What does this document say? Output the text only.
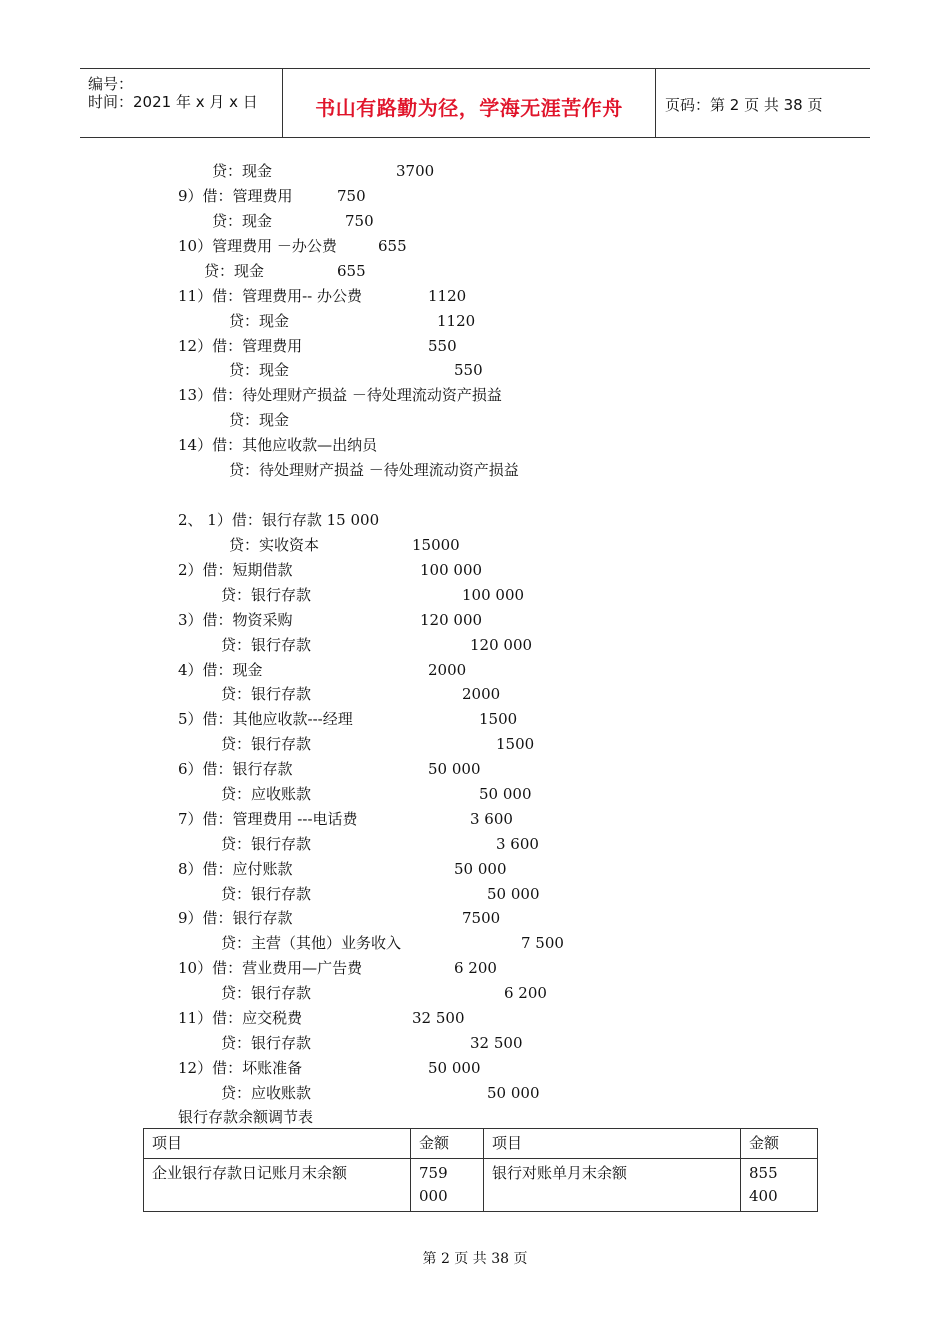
编号：
时间：2021 年 x 月 x 日	书山有路勤为径，学海无涯苦作舟	页码：第 2 页 共 38 页
贷：现金	3700
9）借：管理费用	750
贷：现金	750
10）管理费用 －办公费	655
贷：现金	655
11）借：管理费用-- 办公费	1120
贷：现金	1120
12）借：管理费用	550
贷：现金	550
13）借：待处理财产损益 －待处理流动资产损益
贷：现金
14）借：其他应收款—出纳员
贷：待处理财产损益 －待处理流动资产损益
2、 1）借：银行存款 15 000
贷：实收资本	15000
2）借：短期借款	100 000
贷：银行存款	100 000
3）借：物资采购	120 000
贷：银行存款	120 000
4）借：现金	2000
贷：银行存款	2000
5）借：其他应收款---经理	1500
贷：银行存款	1500
6）借：银行存款	50 000
贷：应收账款	50 000
7）借：管理费用 ---电话费	3 600
贷：银行存款	3 600
8）借：应付账款	50 000
贷：银行存款	50 000
9）借：银行存款	7500
贷：主营（其他）业务收入	7 500
10）借：营业费用—广告费	6 200
贷：银行存款	6 200
11）借：应交税费	32 500
贷：银行存款	32 500
12）借：坏账准备	50 000
贷：应收账款	50 000
银行存款余额调节表
项目	金额	项目	金额
企业银行存款日记账月末余额	759 000	银行对账单月末余额	855 400
第 2 页 共 38 页
